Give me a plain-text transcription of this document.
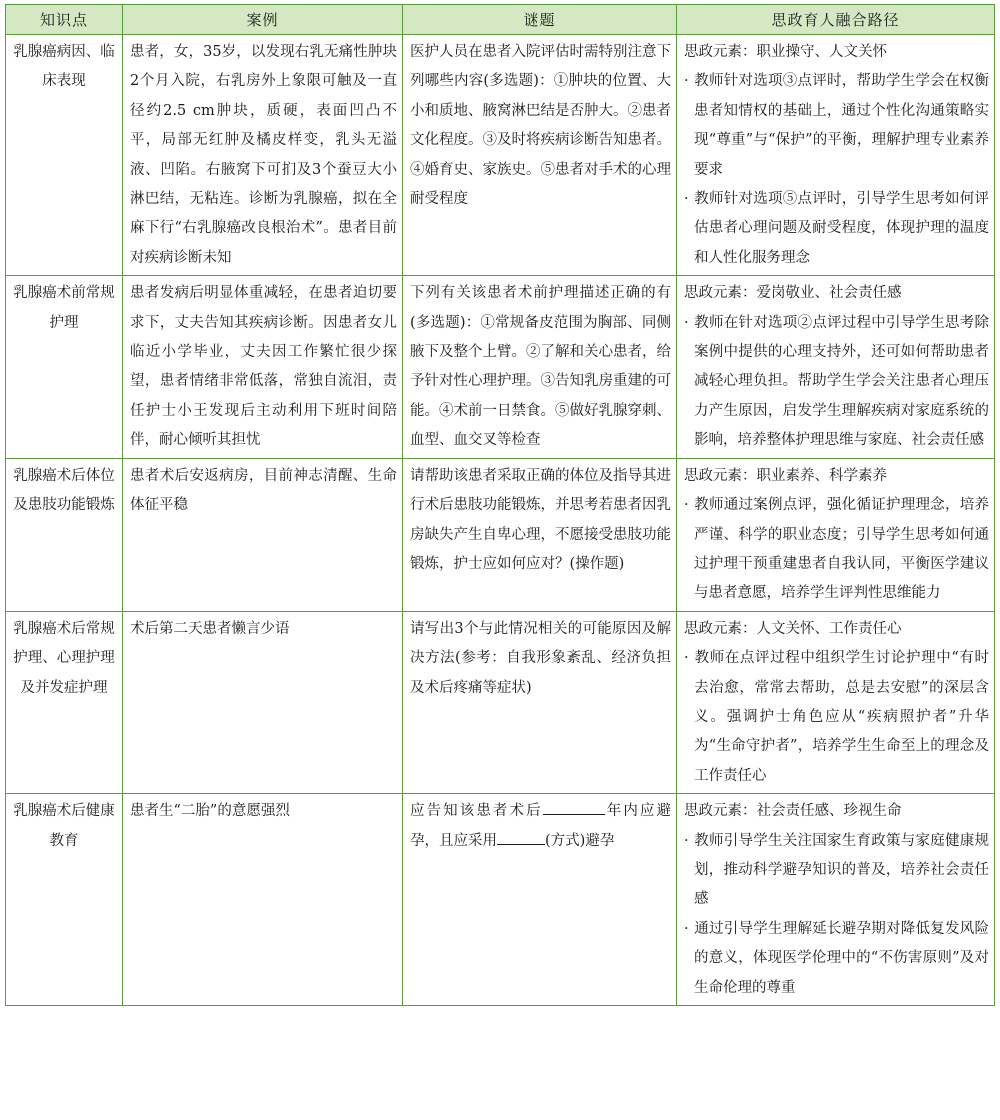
知识点	案例	谜题	思政育人融合路径
乳腺癌病因、临床表现	患者，女，35岁，以发现右乳无痛性肿块2个月入院，右乳房外上象限可触及一直径约2.5 cm肿块，质硬，表面凹凸不平，局部无红肿及橘皮样变，乳头无溢液、凹陷。右腋窝下可扪及3个蚕豆大小淋巴结，无粘连。诊断为乳腺癌，拟在全麻下行“右乳腺癌改良根治术”。患者目前对疾病诊断未知	医护人员在患者入院评估时需特别注意下列哪些内容(多选题)：①肿块的位置、大小和质地、腋窝淋巴结是否肿大。②患者文化程度。③及时将疾病诊断告知患者。④婚育史、家族史。⑤患者对手术的心理耐受程度	思政元素：职业操守、人文关怀
· 教师针对选项③点评时，帮助学生学会在权衡患者知情权的基础上，通过个性化沟通策略实现“尊重”与“保护”的平衡，理解护理专业素养要求
· 教师针对选项⑤点评时，引导学生思考如何评估患者心理问题及耐受程度，体现护理的温度和人性化服务理念

乳腺癌术前常规护理	患者发病后明显体重减轻，在患者迫切要求下，丈夫告知其疾病诊断。因患者女儿临近小学毕业，丈夫因工作繁忙很少探望，患者情绪非常低落，常独自流泪，责任护士小王发现后主动利用下班时间陪伴，耐心倾听其担忧	下列有关该患者术前护理描述正确的有(多选题)：①常规备皮范围为胸部、同侧腋下及整个上臂。②了解和关心患者，给予针对性心理护理。③告知乳房重建的可能。④术前一日禁食。⑤做好乳腺穿刺、血型、血交叉等检查	思政元素：爱岗敬业、社会责任感
· 教师在针对选项②点评过程中引导学生思考除案例中提供的心理支持外，还可如何帮助患者减轻心理负担。帮助学生学会关注患者心理压力产生原因，启发学生理解疾病对家庭系统的影响，培养整体护理思维与家庭、社会责任感

乳腺癌术后体位及患肢功能锻炼	患者术后安返病房，目前神志清醒、生命体征平稳	请帮助该患者采取正确的体位及指导其进行术后患肢功能锻炼，并思考若患者因乳房缺失产生自卑心理，不愿接受患肢功能锻炼，护士应如何应对？(操作题)	思政元素：职业素养、科学素养
· 教师通过案例点评，强化循证护理理念，培养严谨、科学的职业态度；引导学生思考如何通过护理干预重建患者自我认同，平衡医学建议与患者意愿，培养学生评判性思维能力

乳腺癌术后常规护理、心理护理及并发症护理	术后第二天患者懒言少语	请写出3个与此情况相关的可能原因及解决方法(参考：自我形象紊乱、经济负担及术后疼痛等症状)	思政元素：人文关怀、工作责任心
· 教师在点评过程中组织学生讨论护理中“有时去治愈，常常去帮助，总是去安慰”的深层含义。强调护士角色应从“疾病照护者”升华为“生命守护者”，培养学生生命至上的理念及工作责任心

乳腺癌术后健康教育	患者生“二胎”的意愿强烈	应告知该患者术后 年内应避孕，且应采用 (方式)避孕	思政元素：社会责任感、珍视生命
· 教师引导学生关注国家生育政策与家庭健康规划，推动科学避孕知识的普及，培养社会责任感
· 通过引导学生理解延长避孕期对降低复发风险的意义，体现医学伦理中的“不伤害原则”及对生命伦理的尊重
